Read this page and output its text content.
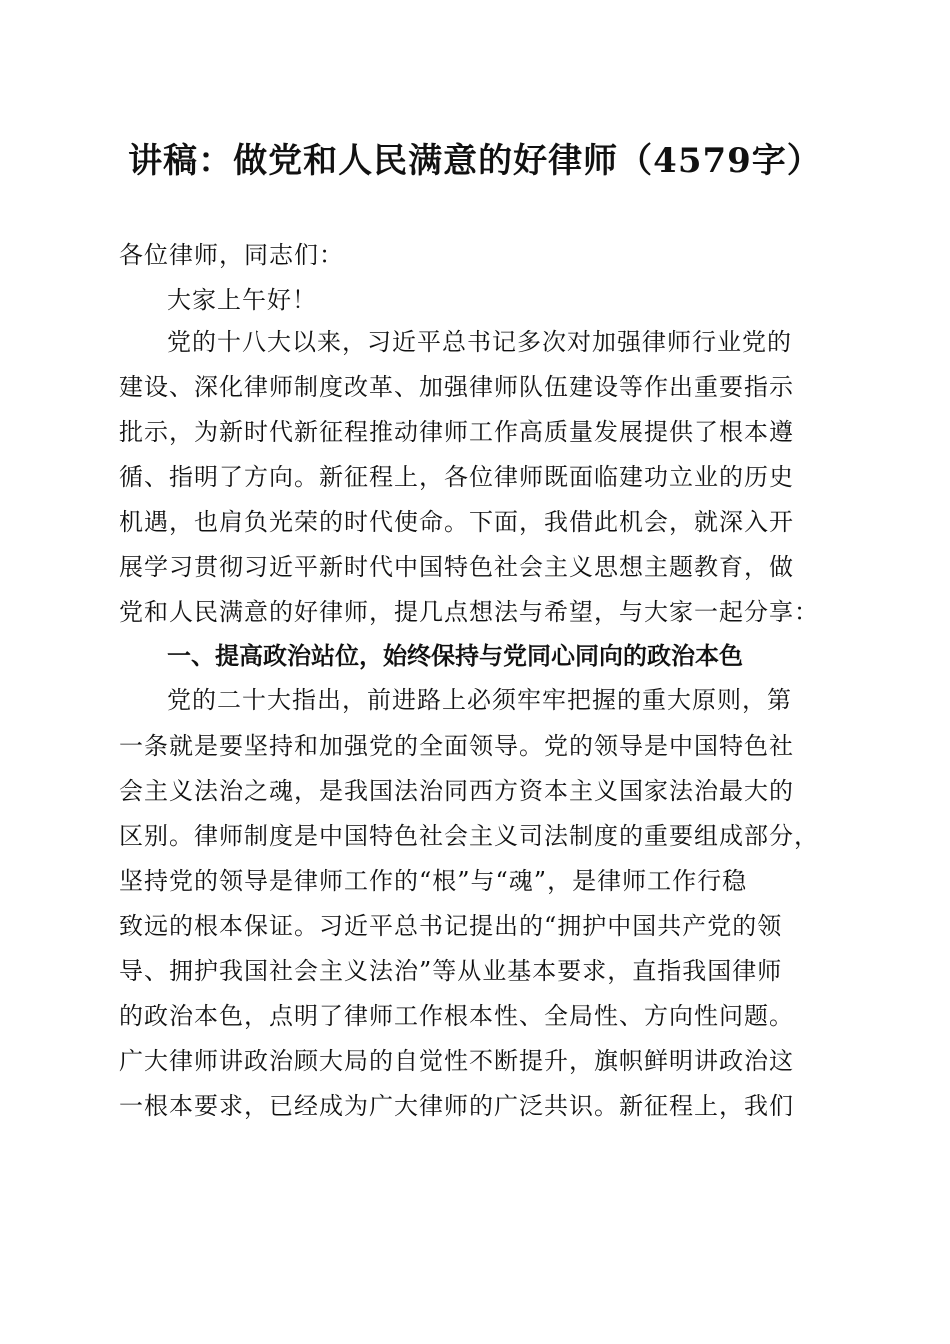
讲稿：做党和人民满意的好律师（4579字）
各位律师，同志们：
大家上午好！
党的十八大以来，习近平总书记多次对加强律师行业党的
建设、深化律师制度改革、加强律师队伍建设等作出重要指示
批示，为新时代新征程推动律师工作高质量发展提供了根本遵
循、指明了方向。新征程上，各位律师既面临建功立业的历史
机遇，也肩负光荣的时代使命。下面，我借此机会，就深入开
展学习贯彻习近平新时代中国特色社会主义思想主题教育，做
党和人民满意的好律师，提几点想法与希望，与大家一起分享：
一、提高政治站位，始终保持与党同心同向的政治本色
党的二十大指出，前进路上必须牢牢把握的重大原则，第
一条就是要坚持和加强党的全面领导。党的领导是中国特色社
会主义法治之魂，是我国法治同西方资本主义国家法治最大的
区别。律师制度是中国特色社会主义司法制度的重要组成部分，
坚持党的领导是律师工作的“根”与“魂”，是律师工作行稳
致远的根本保证。习近平总书记提出的“拥护中国共产党的领
导、拥护我国社会主义法治”等从业基本要求，直指我国律师
的政治本色，点明了律师工作根本性、全局性、方向性问题。
广大律师讲政治顾大局的自觉性不断提升，旗帜鲜明讲政治这
一根本要求，已经成为广大律师的广泛共识。新征程上，我们
